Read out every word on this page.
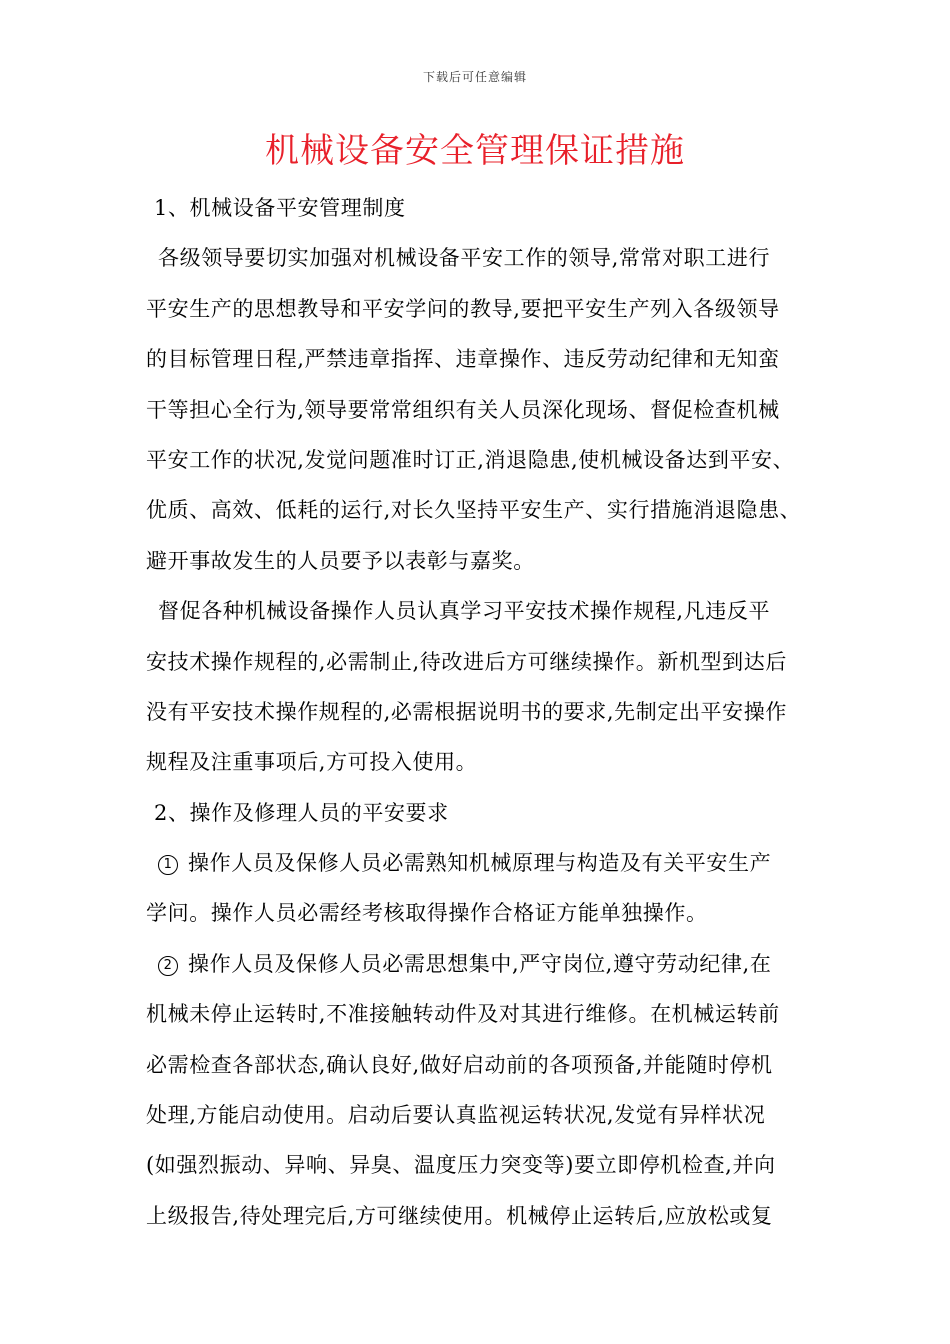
下载后可任意编辑
机械设备安全管理保证措施
1、机械设备平安管理制度
各级领导要切实加强对机械设备平安工作的领导,常常对职工进行
平安生产的思想教导和平安学问的教导,要把平安生产列入各级领导
的目标管理日程,严禁违章指挥、违章操作、违反劳动纪律和无知蛮
干等担心全行为,领导要常常组织有关人员深化现场、督促检查机械
平安工作的状况,发觉问题准时订正,消退隐患,使机械设备达到平安、
优质、高效、低耗的运行,对长久坚持平安生产、实行措施消退隐患、
避开事故发生的人员要予以表彰与嘉奖。
督促各种机械设备操作人员认真学习平安技术操作规程,凡违反平
安技术操作规程的,必需制止,待改进后方可继续操作。新机型到达后
没有平安技术操作规程的,必需根据说明书的要求,先制定出平安操作
规程及注重事项后,方可投入使用。
2、操作及修理人员的平安要求
1 操作人员及保修人员必需熟知机械原理与构造及有关平安生产
学问。操作人员必需经考核取得操作合格证方能单独操作。
2 操作人员及保修人员必需思想集中,严守岗位,遵守劳动纪律,在
机械未停止运转时,不准接触转动件及对其进行维修。在机械运转前
必需检查各部状态,确认良好,做好启动前的各项预备,并能随时停机
处理,方能启动使用。启动后要认真监视运转状况,发觉有异样状况
(如强烈振动、异响、异臭、温度压力突变等)要立即停机检查,并向
上级报告,待处理完后,方可继续使用。机械停止运转后,应放松或复
